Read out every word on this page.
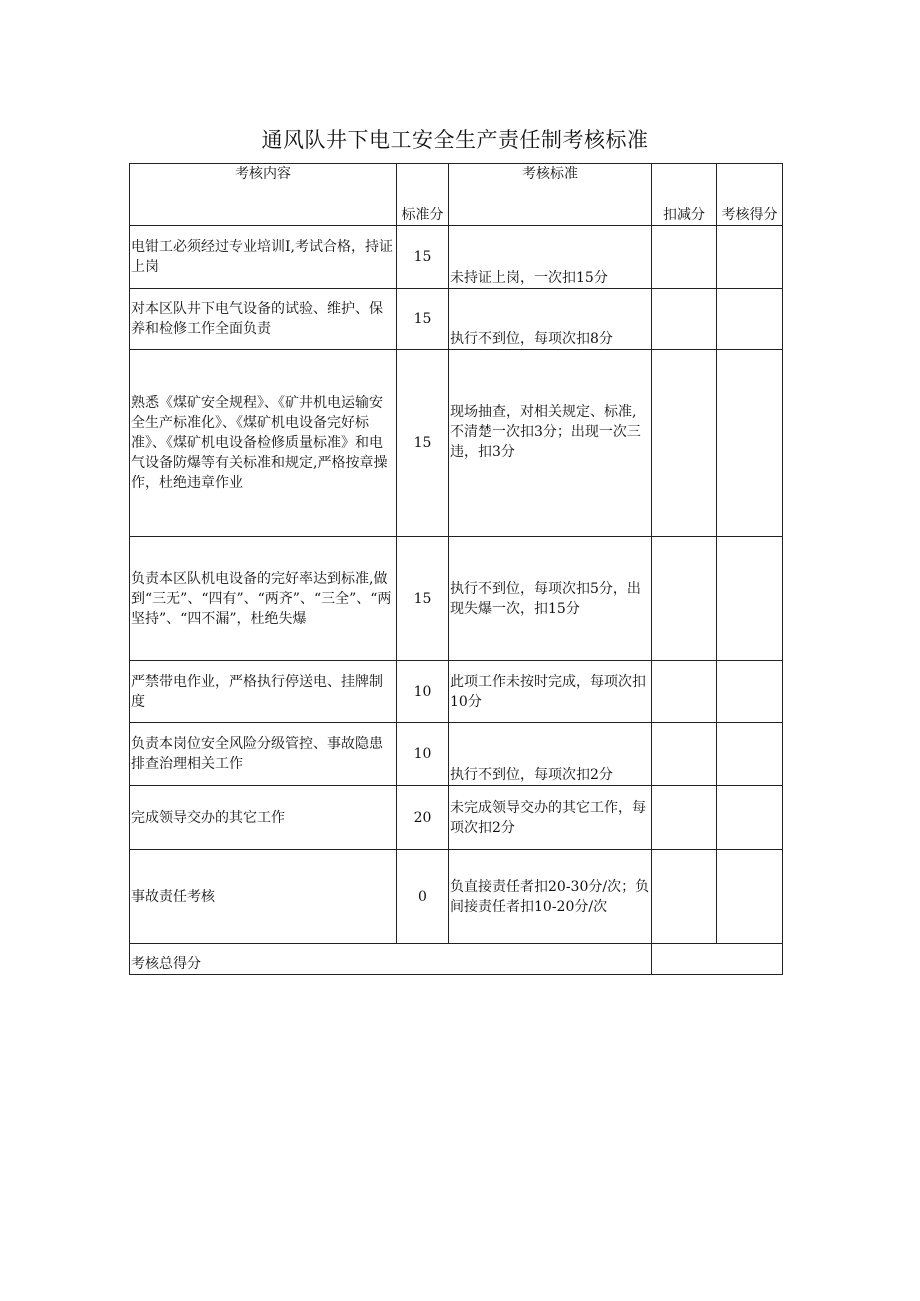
通风队井下电工安全生产责任制考核标准
考核内容	标准分	考核标准	扣减分	考核得分
电钳工必须经过专业培训Ⅰ,考试合格，持证上岗	15	未持证上岗，一次扣15分		
对本区队井下电气设备的试验、维护、保养和检修工作全面负责	15	执行不到位，每项次扣8分		
熟悉《煤矿安全规程》、《矿井机电运输安全生产标准化》、《煤矿机电设备完好标准》、《煤矿机电设备检修质量标准》和电气设备防爆等有关标准和规定,严格按章操作，杜绝违章作业	15	现场抽查，对相关规定、标准,不清楚一次扣3分；出现一次三违，扣3分		
负责本区队机电设备的完好率达到标准,做到“三无”、“四有”、“两齐”、“三全”、“两坚持”、“四不漏”，杜绝失爆	15	执行不到位，每项次扣5分，出现失爆一次，扣15分		
严禁带电作业，严格执行停送电、挂牌制度	10	此项工作未按时完成，每项次扣10分		
负责本岗位安全风险分级管控、事故隐患排查治理相关工作	10	执行不到位，每项次扣2分		
完成领导交办的其它工作	20	未完成领导交办的其它工作，每项次扣2分		
事故责任考核	0	负直接责任者扣20-30分/次；负间接责任者扣10-20分/次		
考核总得分				
